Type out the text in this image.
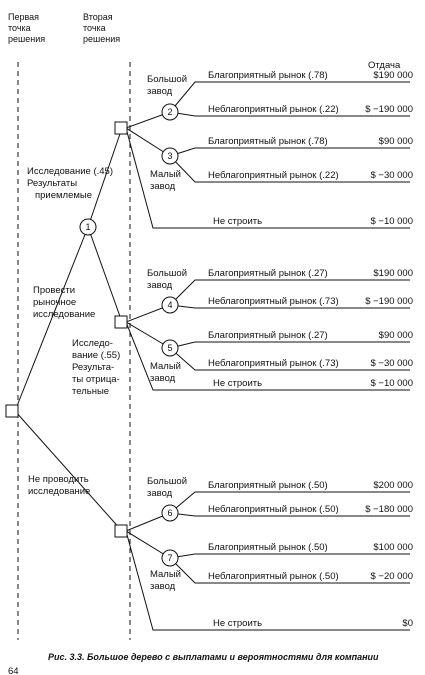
Первая
точка
решения
Вторая
точка
решения
Отдача
1
2
3
4
5
6
7
Исследование (.45)
Результаты
приемлемые
Провести
рыночное
исследование
Исследо-
вание (.55)
Результа-
ты отрица-
тельные
Не проводить
исследование
Большой
завод
Малый
завод
Большой
завод
Малый
завод
Большой
завод
Малый
завод
Не строить
Не строить
Не строить
Благоприятный рынок (.78)
Неблагоприятный рынок (.22)
Благоприятный рынок (.78)
Неблагоприятный рынок (.22)
Благоприятный рынок (.27)
Неблагоприятный рынок (.73)
Благоприятный рынок (.27)
Неблагоприятный рынок (.73)
Благоприятный рынок (.50)
Неблагоприятный рынок (.50)
Благоприятный рынок (.50)
Неблагоприятный рынок (.50)
$190 000
$ −190 000
$90 000
$ −30 000
$ −10 000
$190 000
$ −190 000
$90 000
$ −30 000
$ −10 000
$200 000
$ −180 000
$100 000
$ −20 000
$0
Рис. 3.3. Большое дерево с выплатами и вероятностями для компании
64
